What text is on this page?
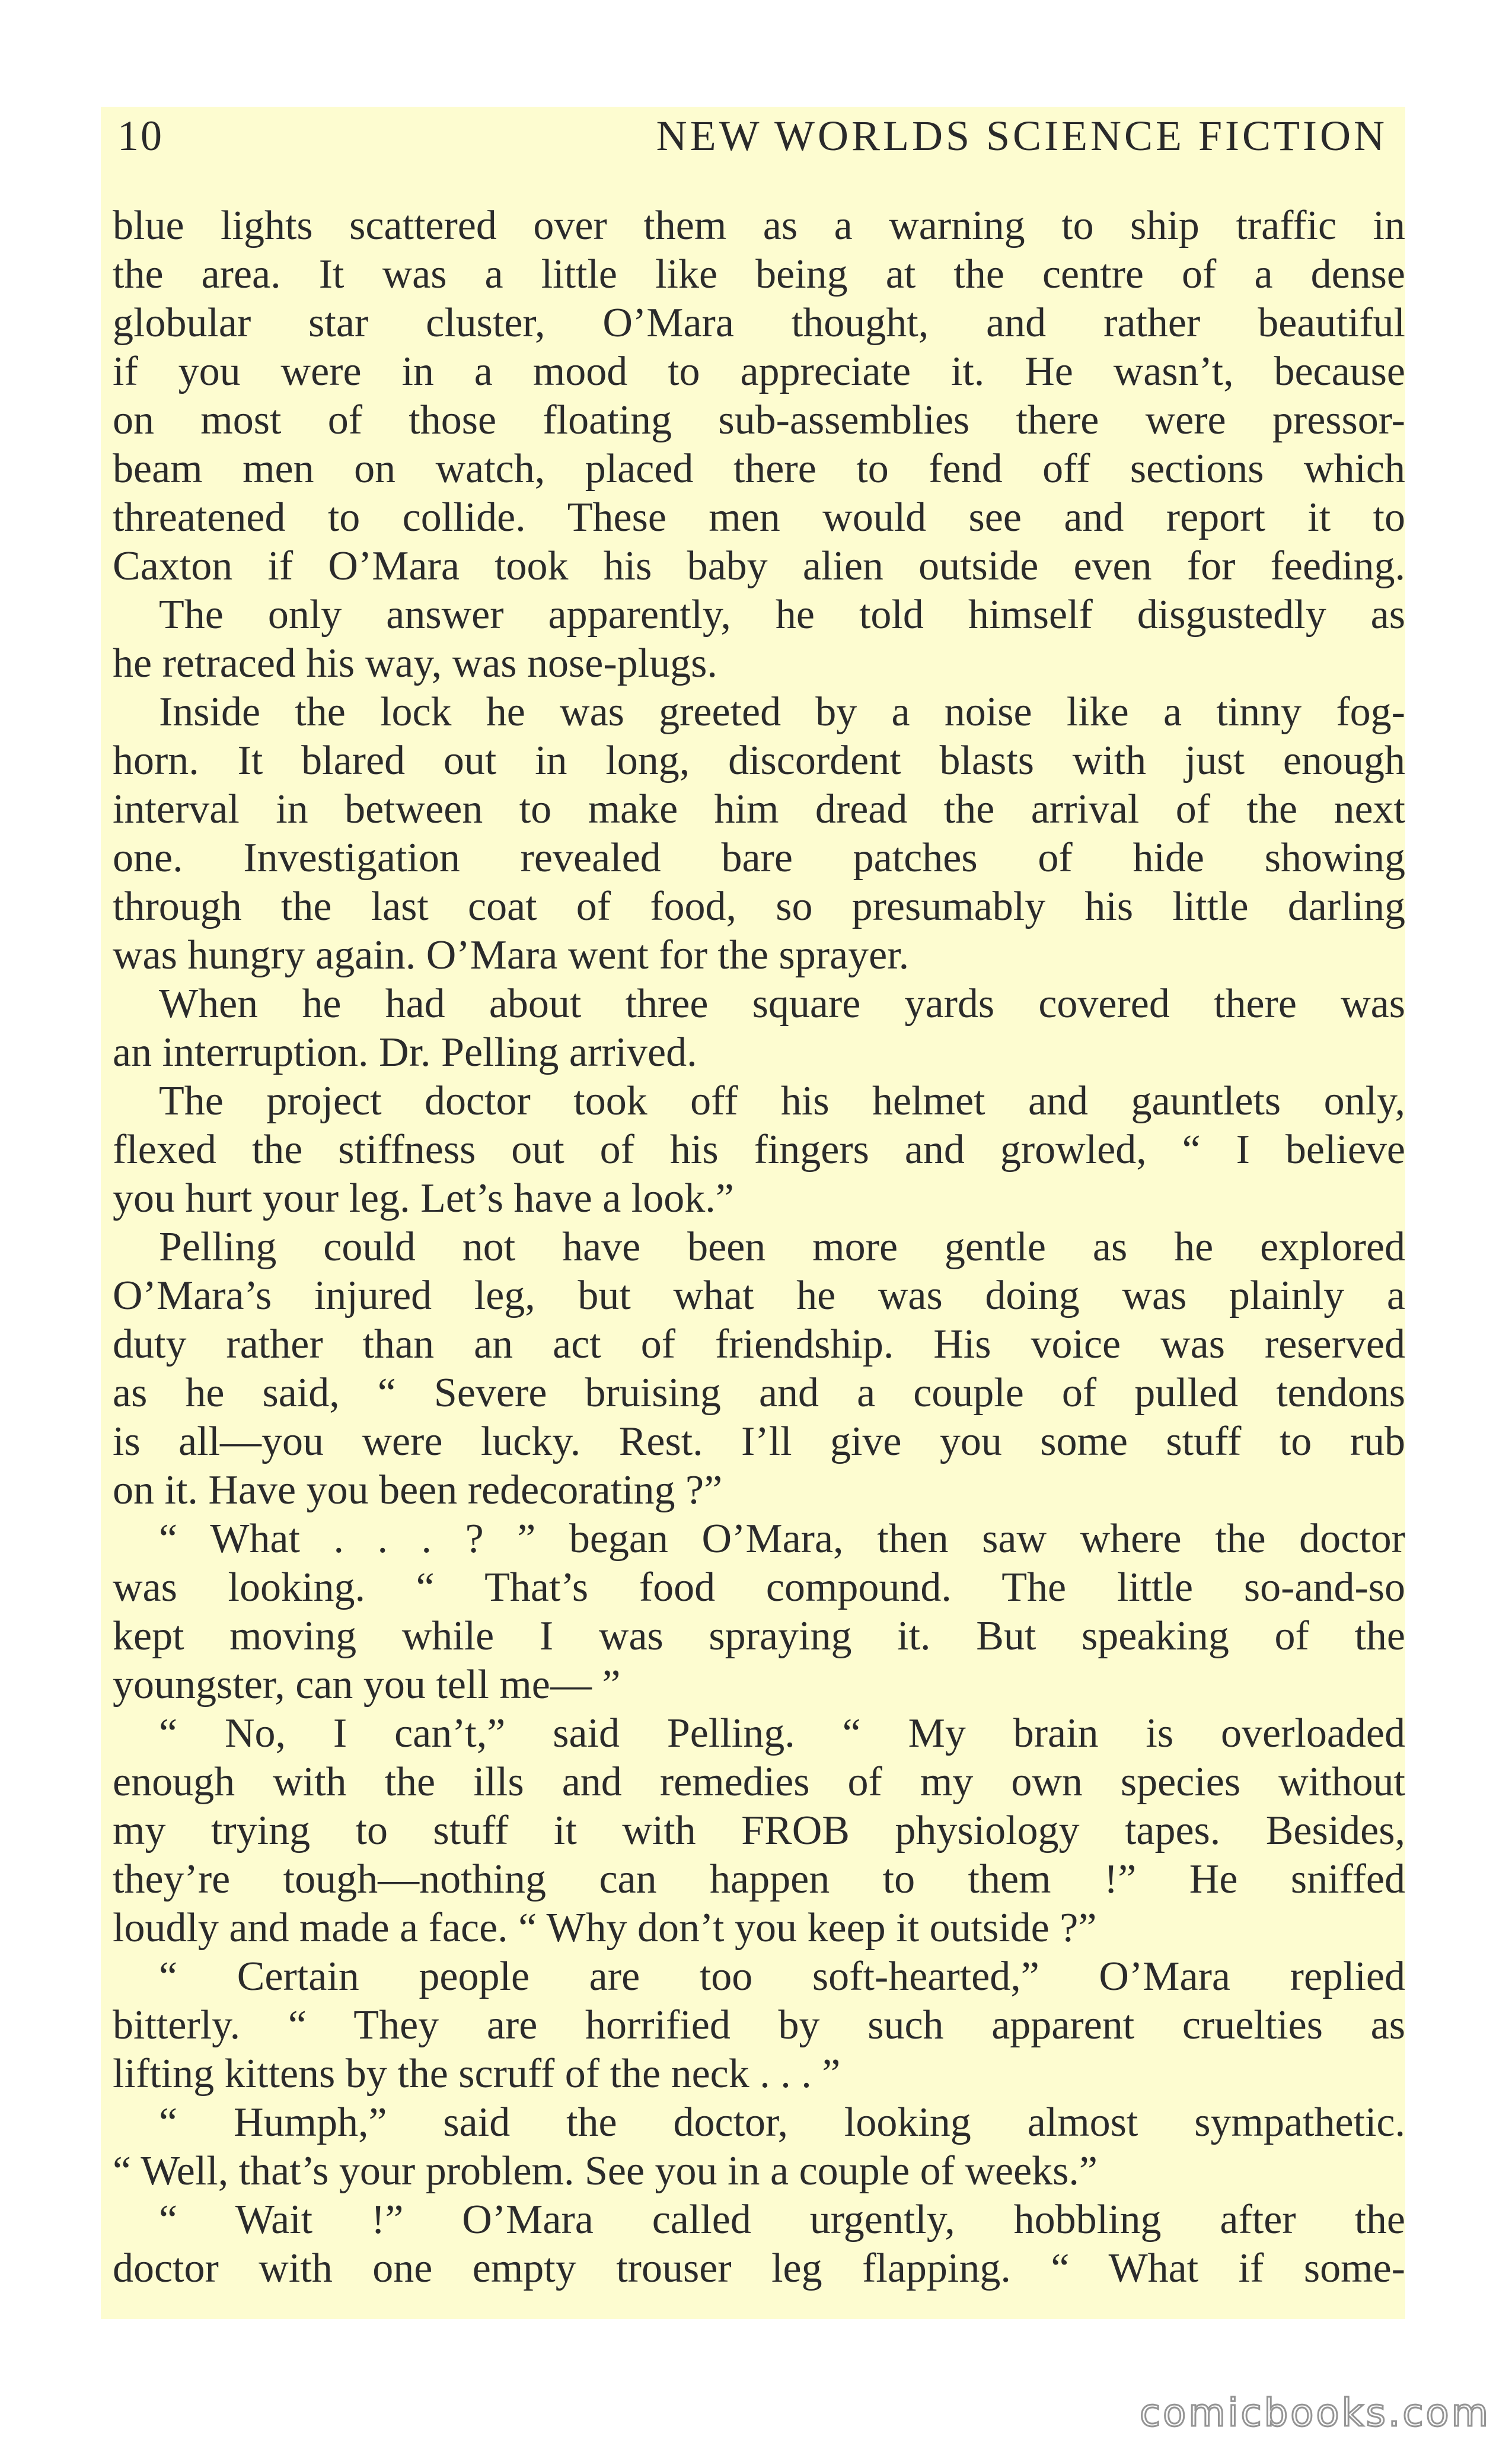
10	NEW WORLDS SCIENCE FICTION
blue lights scattered over them as a warning to ship traffic in
the area. It was a little like being at the centre of a dense
globular star cluster, O’Mara thought, and rather beautiful
if you were in a mood to appreciate it. He wasn’t, because
on most of those floating sub-assemblies there were pressor-
beam men on watch, placed there to fend off sections which
threatened to collide. These men would see and report it to
Caxton if O’Mara took his baby alien outside even for feeding.
The only answer apparently, he told himself disgustedly as
he retraced his way, was nose-plugs.
Inside the lock he was greeted by a noise like a tinny fog-
horn. It blared out in long, discordent blasts with just enough
interval in between to make him dread the arrival of the next
one. Investigation revealed bare patches of hide showing
through the last coat of food, so presumably his little darling
was hungry again. O’Mara went for the sprayer.
When he had about three square yards covered there was
an interruption. Dr. Pelling arrived.
The project doctor took off his helmet and gauntlets only,
flexed the stiffness out of his fingers and growled, “ I believe
you hurt your leg. Let’s have a look.”
Pelling could not have been more gentle as he explored
O’Mara’s injured leg, but what he was doing was plainly a
duty rather than an act of friendship. His voice was reserved
as he said, “ Severe bruising and a couple of pulled tendons
is all—you were lucky. Rest. I’ll give you some stuff to rub
on it. Have you been redecorating ?”
“ What . . . ? ” began O’Mara, then saw where the doctor
was looking. “ That’s food compound. The little so-and-so
kept moving while I was spraying it. But speaking of the
youngster, can you tell me— ”
“ No, I can’t,” said Pelling. “ My brain is overloaded
enough with the ills and remedies of my own species without
my trying to stuff it with FROB physiology tapes. Besides,
they’re tough—nothing can happen to them !” He sniffed
loudly and made a face. “ Why don’t you keep it outside ?”
“ Certain people are too soft-hearted,” O’Mara replied
bitterly. “ They are horrified by such apparent cruelties as
lifting kittens by the scruff of the neck . . . ”
“ Humph,” said the doctor, looking almost sympathetic.
“ Well, that’s your problem. See you in a couple of weeks.”
“ Wait !” O’Mara called urgently, hobbling after the
doctor with one empty trouser leg flapping. “ What if some-
comicbooks.com
